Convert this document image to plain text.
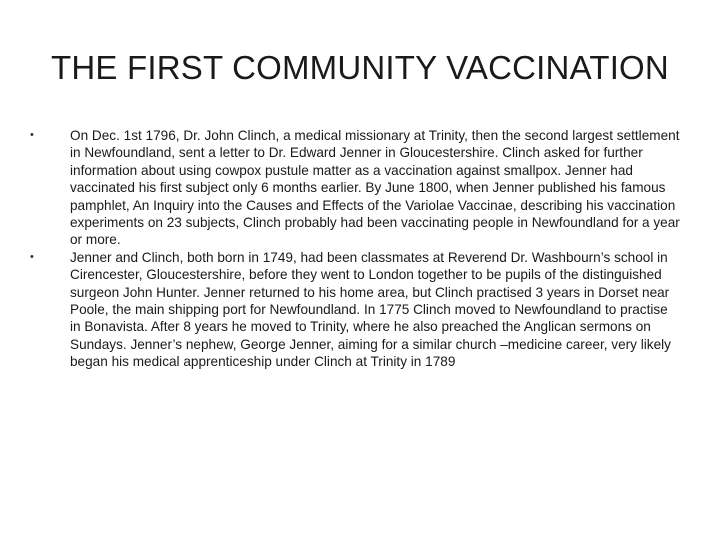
THE FIRST COMMUNITY VACCINATION
•	On Dec. 1st 1796, Dr. John Clinch, a medical missionary at Trinity, then the second largest settlement in Newfoundland, sent a letter to Dr. Edward Jenner in Gloucestershire. Clinch asked for further information about using cowpox pustule matter as a vaccination against smallpox. Jenner had vaccinated his first subject only 6 months earlier. By June 1800, when Jenner published his famous pamphlet, An Inquiry into the Causes and Effects of the Variolae Vaccinae, describing his vaccination experiments on 23 subjects, Clinch probably had been vaccinating people in Newfoundland for a year or more.
•	Jenner and Clinch, both born in 1749, had been classmates at Reverend Dr. Washbourn’s school in Cirencester, Gloucestershire, before they went to London together to be pupils of the distinguished surgeon John Hunter. Jenner returned to his home area, but Clinch practised 3 years in Dorset near Poole, the main shipping port for Newfoundland. In 1775 Clinch moved to Newfoundland to practise in Bonavista. After 8 years he moved to Trinity, where he also preached the Anglican sermons on Sundays. Jenner’s nephew, George Jenner, aiming for a similar church –medicine career, very likely began his medical apprenticeship under Clinch at Trinity in 1789
